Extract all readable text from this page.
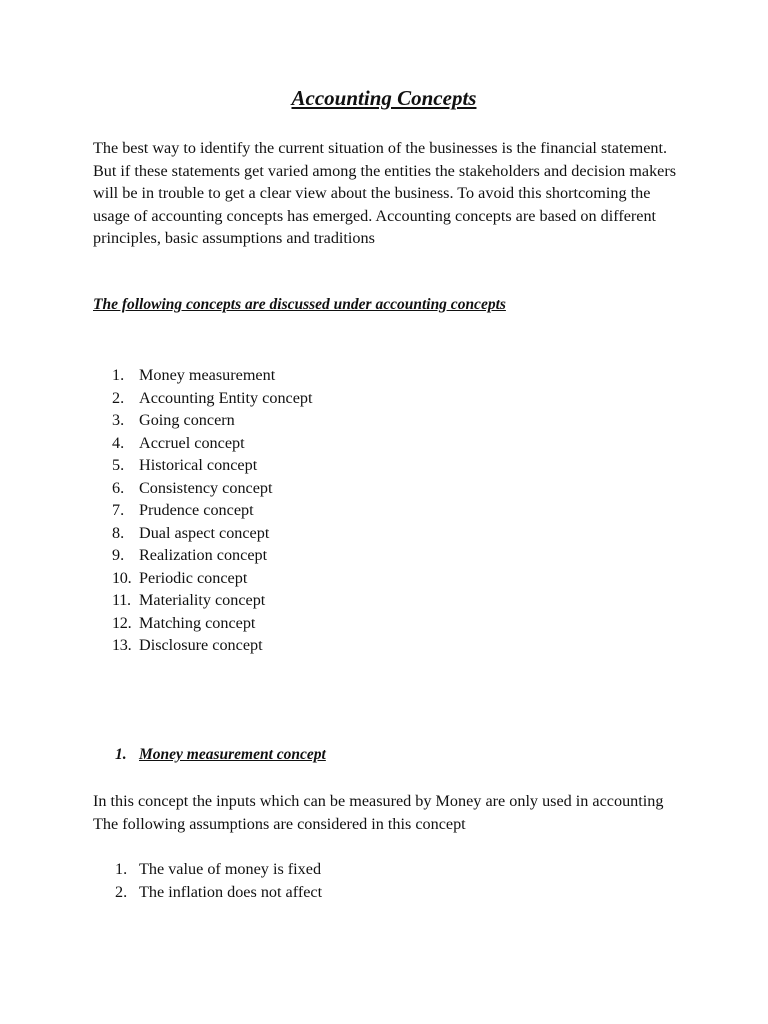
Accounting Concepts

The best way to identify the current situation of the businesses is the financial statement. But if these statements get varied among the entities the stakeholders and decision makers will be in trouble to get a clear view about the business. To avoid this shortcoming the usage of accounting concepts has emerged. Accounting concepts are based on different principles, basic assumptions and traditions

The following concepts are discussed under accounting concepts

1. Money measurement
2. Accounting Entity concept
3. Going concern
4. Accruel concept
5. Historical concept
6. Consistency concept
7. Prudence concept
8. Dual aspect concept
9. Realization concept
10. Periodic concept
11. Materiality concept
12. Matching concept
13. Disclosure concept
1. Money measurement concept

In this concept the inputs which can be measured by Money are only used in accounting The following assumptions are considered in this concept

1. The value of money is fixed
2. The inflation does not affect
